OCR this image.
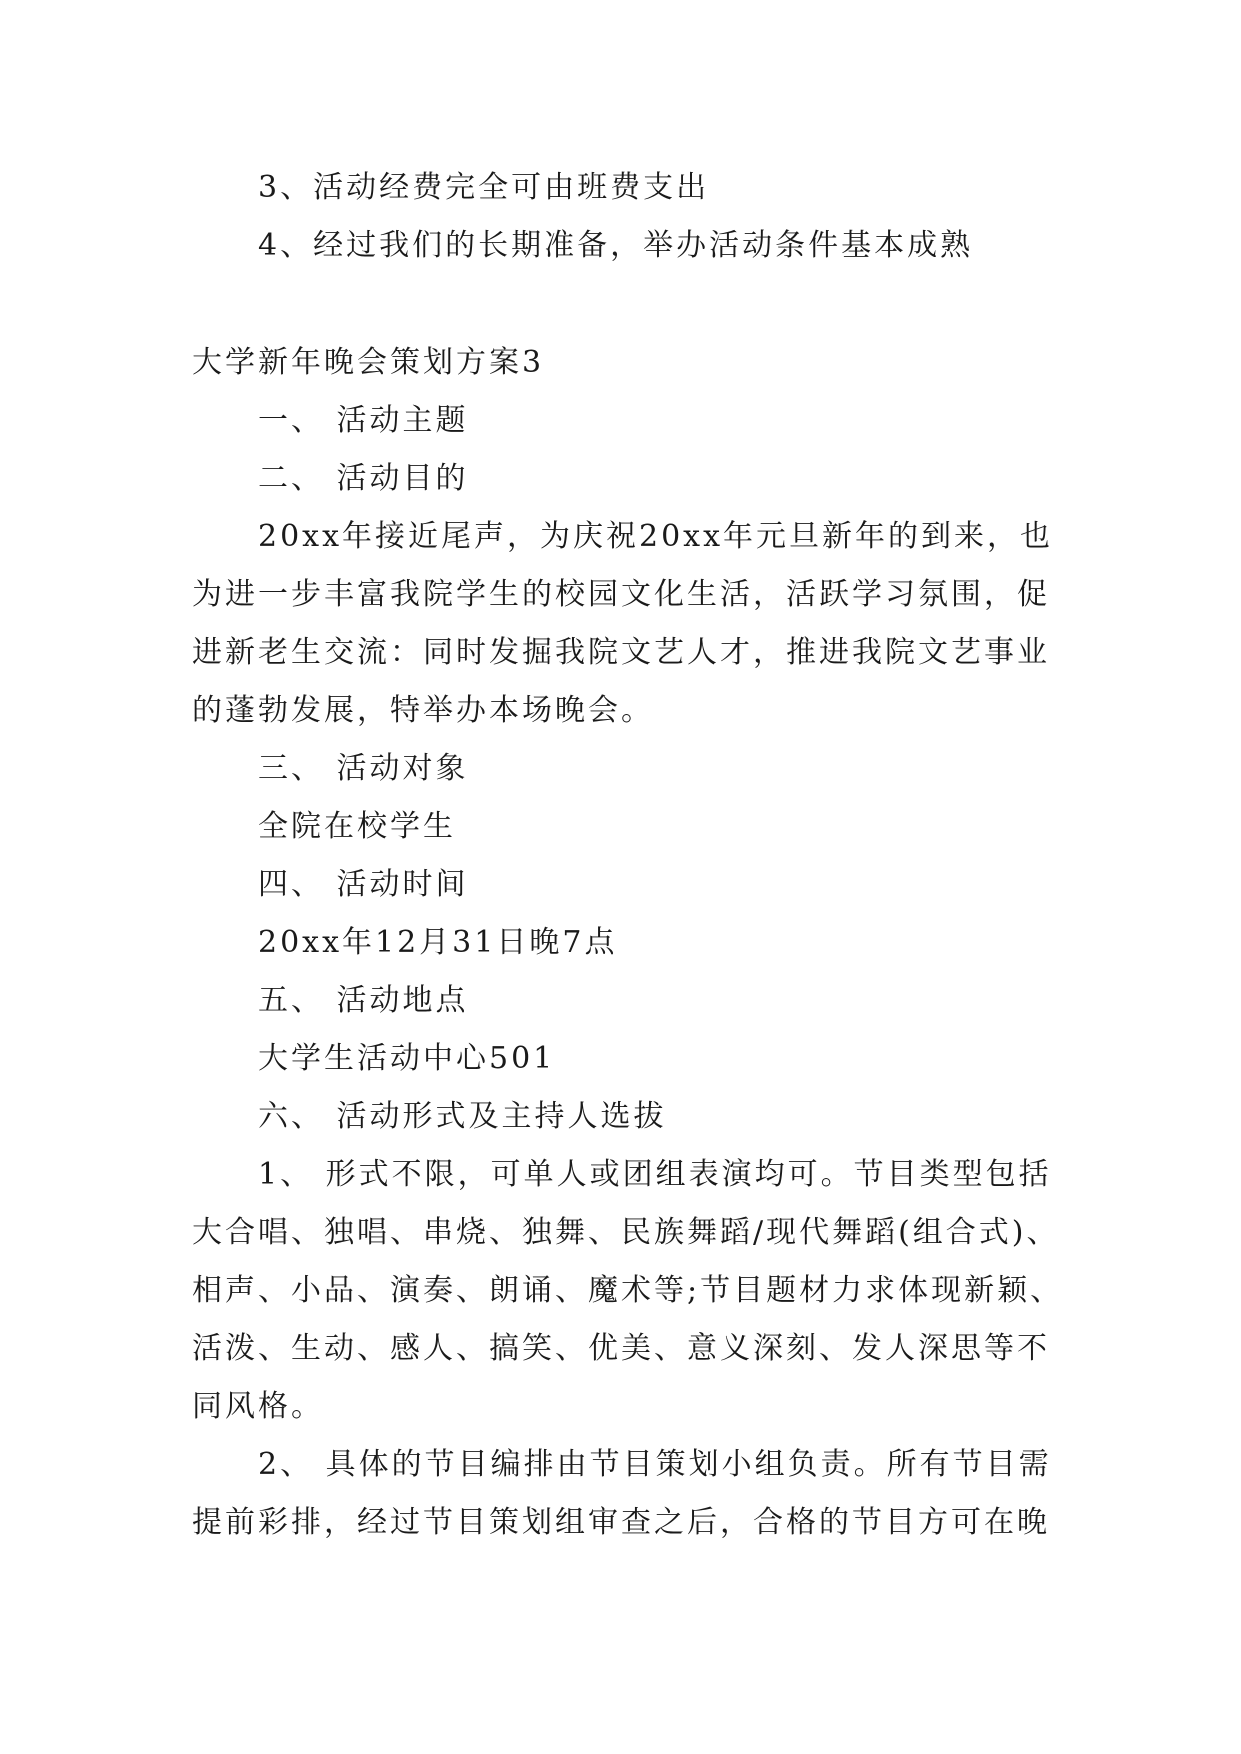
3、活动经费完全可由班费支出
4、经过我们的长期准备，举办活动条件基本成熟
大学新年晚会策划方案3
一、 活动主题
二、 活动目的
20xx年接近尾声，为庆祝20xx年元旦新年的到来，也
为进一步丰富我院学生的校园文化生活，活跃学习氛围，促
进新老生交流：同时发掘我院文艺人才，推进我院文艺事业
的蓬勃发展，特举办本场晚会。
三、 活动对象
全院在校学生
四、 活动时间
20xx年12月31日晚7点
五、 活动地点
大学生活动中心501
六、 活动形式及主持人选拔
1、 形式不限，可单人或团组表演均可。节目类型包括
大合唱、独唱、串烧、独舞、民族舞蹈/现代舞蹈(组合式)、
相声、小品、演奏、朗诵、魔术等;节目题材力求体现新颖、
活泼、生动、感人、搞笑、优美、意义深刻、发人深思等不
同风格。
2、 具体的节目编排由节目策划小组负责。所有节目需
提前彩排，经过节目策划组审查之后，合格的节目方可在晚
